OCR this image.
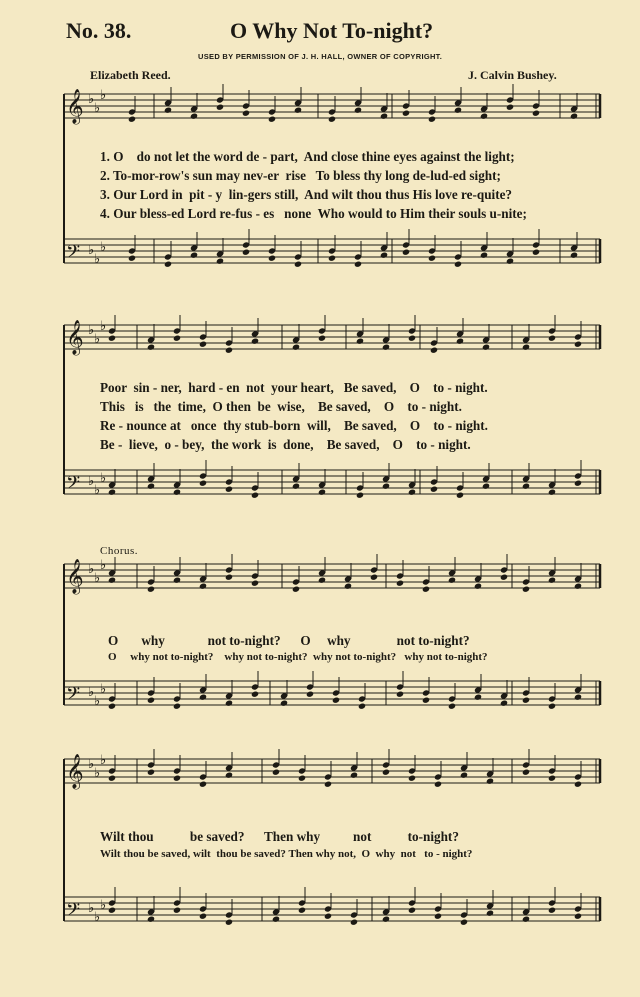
No. 38.	O Why Not To-night?
USED BY PERMISSION OF J. H. HALL, OWNER OF COPYRIGHT.
Elizabeth Reed.	J. Calvin Bushey.
𝄞 ♭
♭
♭
𝄢 ♭
♭
♭
𝄞 ♭
♭
♭
𝄢 ♭
♭
♭
𝄞 ♭
♭
♭
𝄢 ♭
♭
♭
𝄞 ♭
♭
♭
𝄢 ♭
♭
♭
1. O    do not let the word de - part,  And close thine eyes against the light;
2. To-mor-row's sun may nev-er  rise   To bless thy long de-lud-ed sight;
3. Our Lord in  pit - y  lin-gers still,  And wilt thou thus His love re-quite?
4. Our bless-ed Lord re-fus - es   none  Who would to Him their souls u-nite;
Poor  sin - ner,  hard - en  not  your heart,   Be saved,    O    to - night.
This   is   the  time,  O then  be  wise,    Be saved,    O    to - night.
Re - nounce at   once  thy stub-born  will,    Be saved,    O    to - night.
Be -  lieve,  o - bey,  the work  is  done,    Be saved,    O    to - night.
Chorus.
O       why             not to-night?      O     why              not to-night?
O     why not to-night?    why not to-night?  why not to-night?   why not to-night?
Wilt thou           be saved?      Then why          not           to-night?
Wilt thou be saved, wilt  thou be saved? Then why not,  O  why  not   to - night?
